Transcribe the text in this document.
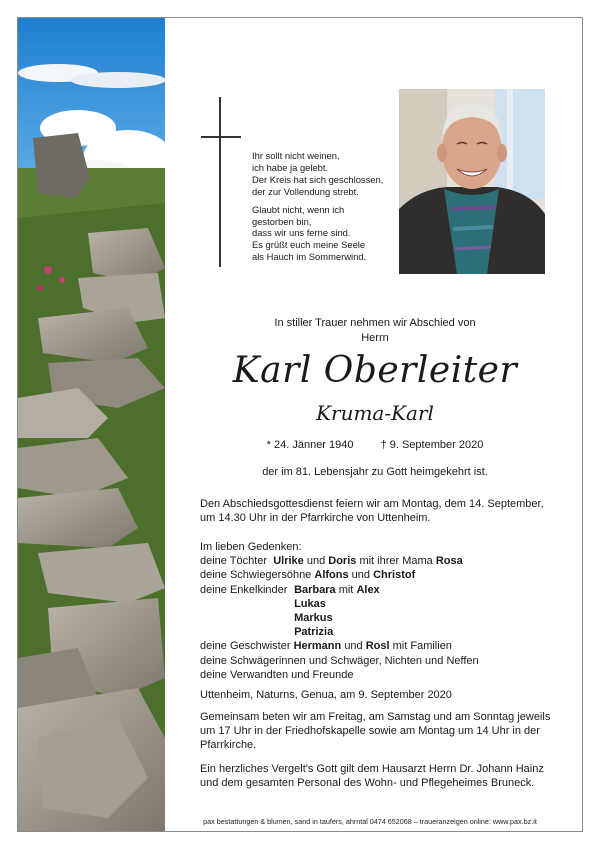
Ihr sollt nicht weinen,
ich habe ja gelebt.
Der Kreis hat sich geschlossen,
der zur Vollendung strebt.

Glaubt nicht, wenn ich
gestorben bin,
dass wir uns ferne sind.
Es grüßt euch meine Seele
als Hauch im Sommerwind.

In stiller Trauer nehmen wir Abschied von
Herrn
Karl Oberleiter
Kruma-Karl
* 24. Jänner 1940 † 9. September 2020
der im 81. Lebensjahr zu Gott heimgekehrt ist.

Den Abschiedsgottesdienst feiern wir am Montag, dem 14. September, um 14.30 Uhr in der Pfarrkirche von Uttenheim.

Im lieben Gedenken:

deine Töchter Ulrike und Doris mit ihrer Mama Rosa

deine Schwiegersöhne Alfons und Christof

deine Enkelkinder Barbara mit Alex

Lukas

Markus

Patrizia

deine Geschwister Hermann und Rosl mit Familien

deine Schwägerinnen und Schwäger, Nichten und Neffen

deine Verwandten und Freunde

Uttenheim, Naturns, Genua, am 9. September 2020

Gemeinsam beten wir am Freitag, am Samstag und am Sonntag jeweils um 17 Uhr in der Friedhofskapelle sowie am Montag um 14 Uhr in der Pfarrkirche.

Ein herzliches Vergelt's Gott gilt dem Hausarzt Herrn Dr. Johann Hainz und dem gesamten Personal des Wohn- und Pflegeheimes Bruneck.

pax bestattungen & blumen, sand in taufers, ahrntal 0474 652068 – traueranzeigen online: www.pax.bz.it
